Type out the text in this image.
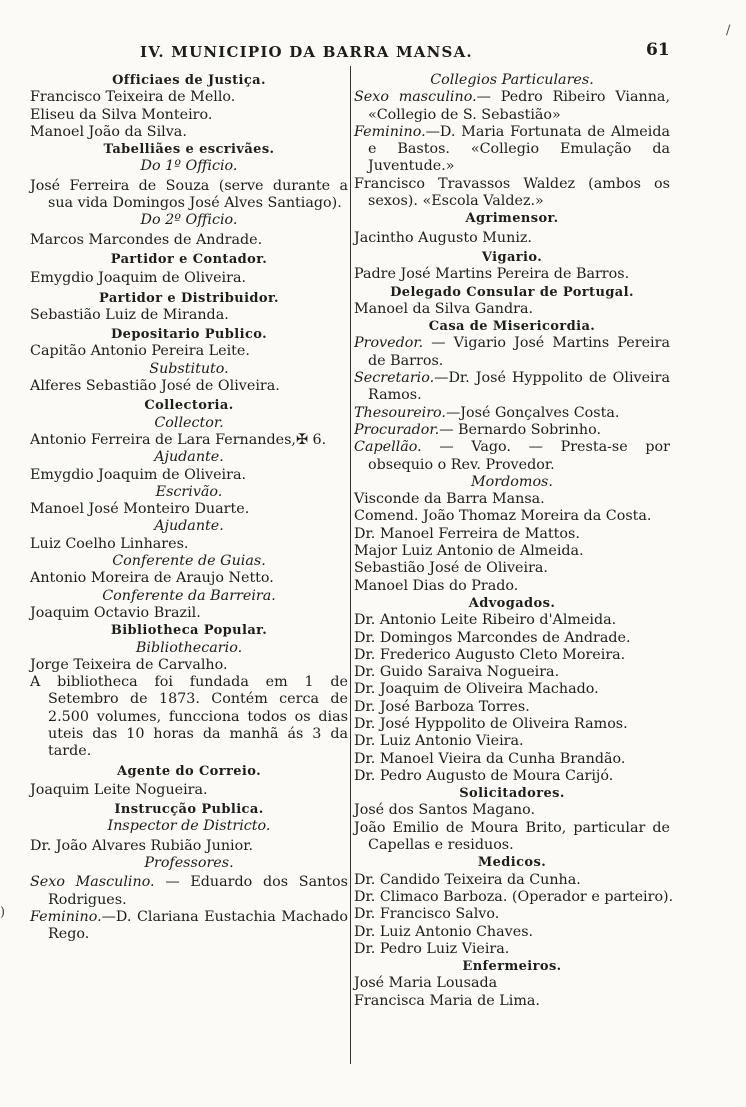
IV. MUNICIPIO DA BARRA MANSA.	61
/
)
Officiaes de Justiça.
Francisco Teixeira de Mello.
Eliseu da Silva Monteiro.
Manoel João da Silva.
Tabelliães e escrivães.
Do 1º Officio.
José Ferreira de Souza (serve durante a sua vida Domingos José Alves Santiago).
Do 2º Officio.
Marcos Marcondes de Andrade.
Partidor e Contador.
Emygdio Joaquim de Oliveira.
Partidor e Distribuidor.
Sebastião Luiz de Miranda.
Depositario Publico.
Capitão Antonio Pereira Leite.
Substituto.
Alferes Sebastião José de Oliveira.
Collectoria.
Collector.
Antonio Ferreira de Lara Fernandes,✠ 6.
Ajudante.
Emygdio Joaquim de Oliveira.
Escrivão.
Manoel José Monteiro Duarte.
Ajudante.
Luiz Coelho Linhares.
Conferente de Guias.
Antonio Moreira de Araujo Netto.
Conferente da Barreira.
Joaquim Octavio Brazil.
Bibliotheca Popular.
Bibliothecario.
Jorge Teixeira de Carvalho.
A bibliotheca foi fundada em 1 de Setembro de 1873. Contém cerca de 2.500 volumes, funcciona todos os dias uteis das 10 horas da manhã ás 3 da tarde.
Agente do Correio.
Joaquim Leite Nogueira.
Instrucção Publica.
Inspector de Districto.
Dr. João Alvares Rubião Junior.
Professores.
Sexo Masculino. — Eduardo dos Santos Rodrigues.
Feminino.—D. Clariana Eustachia Machado Rego.
Collegios Particulares.
Sexo masculino.— Pedro Ribeiro Vianna, «Collegio de S. Sebastião»
Feminino.—D. Maria Fortunata de Almeida e Bastos. «Collegio Emulação da Juventude.»
Francisco Travassos Waldez (ambos os sexos). «Escola Valdez.»
Agrimensor.
Jacintho Augusto Muniz.
Vigario.
Padre José Martins Pereira de Barros.
Delegado Consular de Portugal.
Manoel da Silva Gandra.
Casa de Misericordia.
Provedor. — Vigario José Martins Pereira de Barros.
Secretario.—Dr. José Hyppolito de Oliveira Ramos.
Thesoureiro.—José Gonçalves Costa.
Procurador.— Bernardo Sobrinho.
Capellão. — Vago. — Presta-se por obsequio o Rev. Provedor.
Mordomos.
Visconde da Barra Mansa.
Comend. João Thomaz Moreira da Costa.
Dr. Manoel Ferreira de Mattos.
Major Luiz Antonio de Almeida.
Sebastião José de Oliveira.
Manoel Dias do Prado.
Advogados.
Dr. Antonio Leite Ribeiro d'Almeida.
Dr. Domingos Marcondes de Andrade.
Dr. Frederico Augusto Cleto Moreira.
Dr. Guido Saraiva Nogueira.
Dr. Joaquim de Oliveira Machado.
Dr. José Barboza Torres.
Dr. José Hyppolito de Oliveira Ramos.
Dr. Luiz Antonio Vieira.
Dr. Manoel Vieira da Cunha Brandão.
Dr. Pedro Augusto de Moura Carijó.
Solicitadores.
José dos Santos Magano.
João Emilio de Moura Brito, particular de Capellas e residuos.
Medicos.
Dr. Candido Teixeira da Cunha.
Dr. Climaco Barboza. (Operador e parteiro).
Dr. Francisco Salvo.
Dr. Luiz Antonio Chaves.
Dr. Pedro Luiz Vieira.
Enfermeiros.
José Maria Lousada
Francisca Maria de Lima.
